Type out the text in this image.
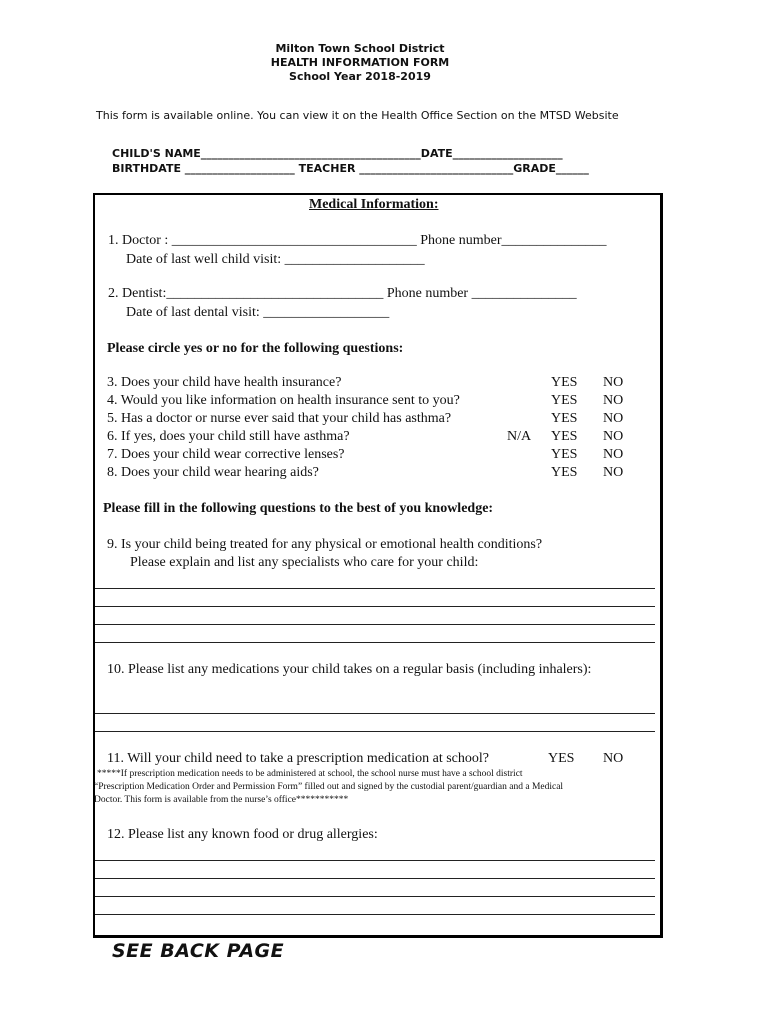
Milton Town School District
HEALTH INFORMATION FORM
School Year 2018-2019
This form is available online. You can view it on the Health Office Section on the MTSD Website
CHILD'S NAME________________________________________DATE____________________
BIRTHDATE ____________________ TEACHER ____________________________GRADE______
Medical Information:
1. Doctor : ___________________________________ Phone number_______________
Date of last well child visit: ____________________
2. Dentist:_______________________________ Phone number _______________
Date of last dental visit: __________________
Please circle yes or no for the following questions:
3. Does your child have health insurance?	YES NO
4. Would you like information on health insurance sent to you?	YES NO
5. Has a doctor or nurse ever said that your child has asthma?	YES NO
6. If yes, does your child still have asthma?	N/A YES NO
7. Does your child wear corrective lenses?	YES NO
8. Does your child wear hearing aids?	YES NO
Please fill in the following questions to the best of you knowledge:
9. Is your child being treated for any physical or emotional health conditions?
Please explain and list any specialists who care for your child:
10. Please list any medications your child takes on a regular basis (including inhalers):
11. Will your child need to take a prescription medication at school?	YES NO
*****If prescription medication needs to be administered at school, the school nurse must have a school district
“Prescription Medication Order and Permission Form” filled out and signed by the custodial parent/guardian and a Medical
Doctor. This form is available from the nurse’s office***********
12. Please list any known food or drug allergies:
SEE BACK PAGE
